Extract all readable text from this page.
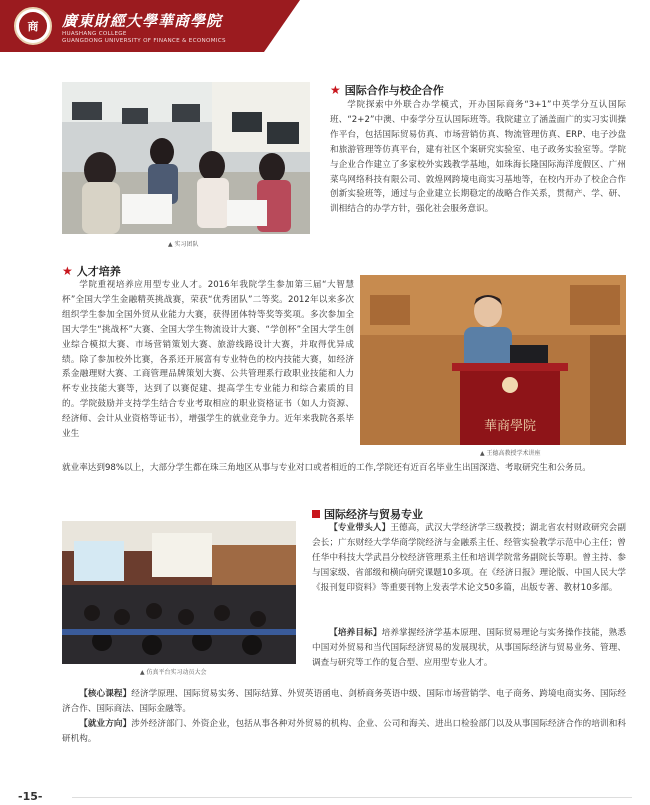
商	廣東財經大學華商學院
HUASHANG COLLEGE
GUANGDONG UNIVERSITY OF FINANCE & ECONOMICS
▲ 实习团队
★ 国际合作与校企合作
学院探索中外联合办学模式，开办国际商务“3+1”中英学分互认国际班、“2+2”中澳、中泰学分互认国际班等。我院建立了涵盖面广的实习实训操作平台，包括国际贸易仿真、市场营销仿真、物流管理仿真、ERP、电子沙盘和旅游管理等仿真平台，建有社区个案研究实验室、电子政务实验室等。学院与企业合作建立了多家校外实践教学基地，如珠海长隆国际海洋度假区、广州菜鸟网络科技有限公司、敦煌网跨境电商实习基地等，在校内开办了校企合作创新实验班等，通过与企业建立长期稳定的战略合作关系，贯彻产、学、研、训相结合的办学方针，强化社会服务意识。
★ 人才培养
学院重视培养应用型专业人才。2016年我院学生参加第三届“大智慧杯”全国大学生金融精英挑战赛，荣获“优秀团队”二等奖。2012年以来多次组织学生参加全国外贸从业能力大赛，获得团体特等奖等奖项。多次参加全国大学生“挑战杯”大赛、全国大学生物流设计大赛、“学创杯”全国大学生创业综合模拟大赛、市场营销策划大赛、旅游线路设计大赛，并取得优异成绩。除了参加校外比赛，各系还开展富有专业特色的校内技能大赛，如经济系金融理财大赛、工商管理品牌策划大赛、公共管理系行政职业技能和人力杯专业技能大赛等，达到了以赛促建、提高学生专业能力和综合素质的目的。学院鼓励并支持学生结合专业考取相应的职业资格证书（如人力资源、经济师、会计从业资格等证书），增强学生的就业竞争力。近年来我院各系毕业生
華商學院
▲ 王德高教授学术讲座
就业率达到98%以上，大部分学生都在珠三角地区从事与专业对口或者相近的工作,学院还有近百名毕业生出国深造、考取研究生和公务员。
▲ 仿真平台实习动员大会
国际经济与贸易专业
【专业带头人】王德高，武汉大学经济学三级教授；湖北省农村财政研究会副会长；广东财经大学华商学院经济与金融系主任、经管实验教学示范中心主任；曾任华中科技大学武昌分校经济管理系主任和培训学院常务副院长等职。曾主持、参与国家级、省部级和横向研究课题10多项。在《经济日报》理论版、中国人民大学《报刊复印资料》等重要刊物上发表学术论文50多篇，出版专著、教材10多部。
【培养目标】培养掌握经济学基本原理、国际贸易理论与实务操作技能，熟悉中国对外贸易和当代国际经济贸易的发展现状，从事国际经济与贸易业务、管理、调查与研究等工作的复合型、应用型专业人才。
【核心课程】经济学原理、国际贸易实务、国际结算、外贸英语函电、剑桥商务英语中级、国际市场营销学、电子商务、跨境电商实务、国际经济合作、国际商法、国际金融等。
【就业方向】涉外经济部门、外资企业，包括从事各种对外贸易的机构、企业、公司和海关、进出口检验部门以及从事国际经济合作的培训和科研机构。
-15-
